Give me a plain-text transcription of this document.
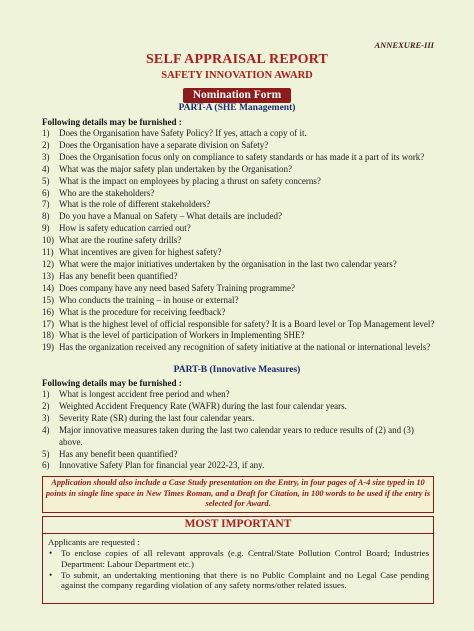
ANNEXURE-III
SELF APPRAISAL REPORT
SAFETY INNOVATION AWARD
Nomination Form
PART-A (SHE Management)
Following details may be furnished :
1)	Does the Organisation have Safety Policy? If yes, attach a copy of it.
2)	Does the Organisation have a separate division on Safety?
3)	Does the Organisation focus only on compliance to safety standards or has made it a part of its work?
4)	What was the major safety plan undertaken by the Organisation?
5)	What is the impact on employees by placing a thrust on safety concerns?
6)	Who are the stakeholders?
7)	What is the role of different stakeholders?
8)	Do you have a Manual on Safety – What details are included?
9)	How is safety education carried out?
10) What are the routine safety drills?
11) What incentives are given for highest safety?
12) What were the major initiatives undertaken by the organisation in the last two calendar years?
13) Has any benefit been quantified?
14) Does company have any need based Safety Training programme?
15) Who conducts the training – in house or external?
16) What is the procedure for receiving feedback?
17) What is the highest level of official responsible for safety? It is a Board level or Top Management level?
18) What is the level of participation of Workers in Implementing SHE?
19) Has the organization received any recognition of safety initiative at the national or international levels?
PART-B (Innovative Measures)
Following details may be furnished :
1)	What is longest accident free period and when?
2)	Weighted Accident Frequency Rate (WAFR) during the last four calendar years.
3)	Severity Rate (SR) during the last four calendar years.
4)	Major innovative measures taken during the last two calendar years to reduce results of (2) and (3) above.
5)	Has any benefit been quantified?
6)	Innovative Safety Plan for financial year 2022-23, if any.
Application should also include a Case Study presentation on the Entry, in four pages of A-4 size typed in 10 points in single line space in New Times Roman, and a Draft for Citation, in 100 words to be used if the entry is selected for Award.
MOST IMPORTANT
Applicants are requested :
•	To enclose copies of all relevant approvals (e.g. Central/State Pollution Control Board; Industries Department: Labour Department etc.)
•	To submit, an undertaking mentioning that there is no Public Complaint and no Legal Case pending against the company regarding violation of any safety norms/other related issues.
